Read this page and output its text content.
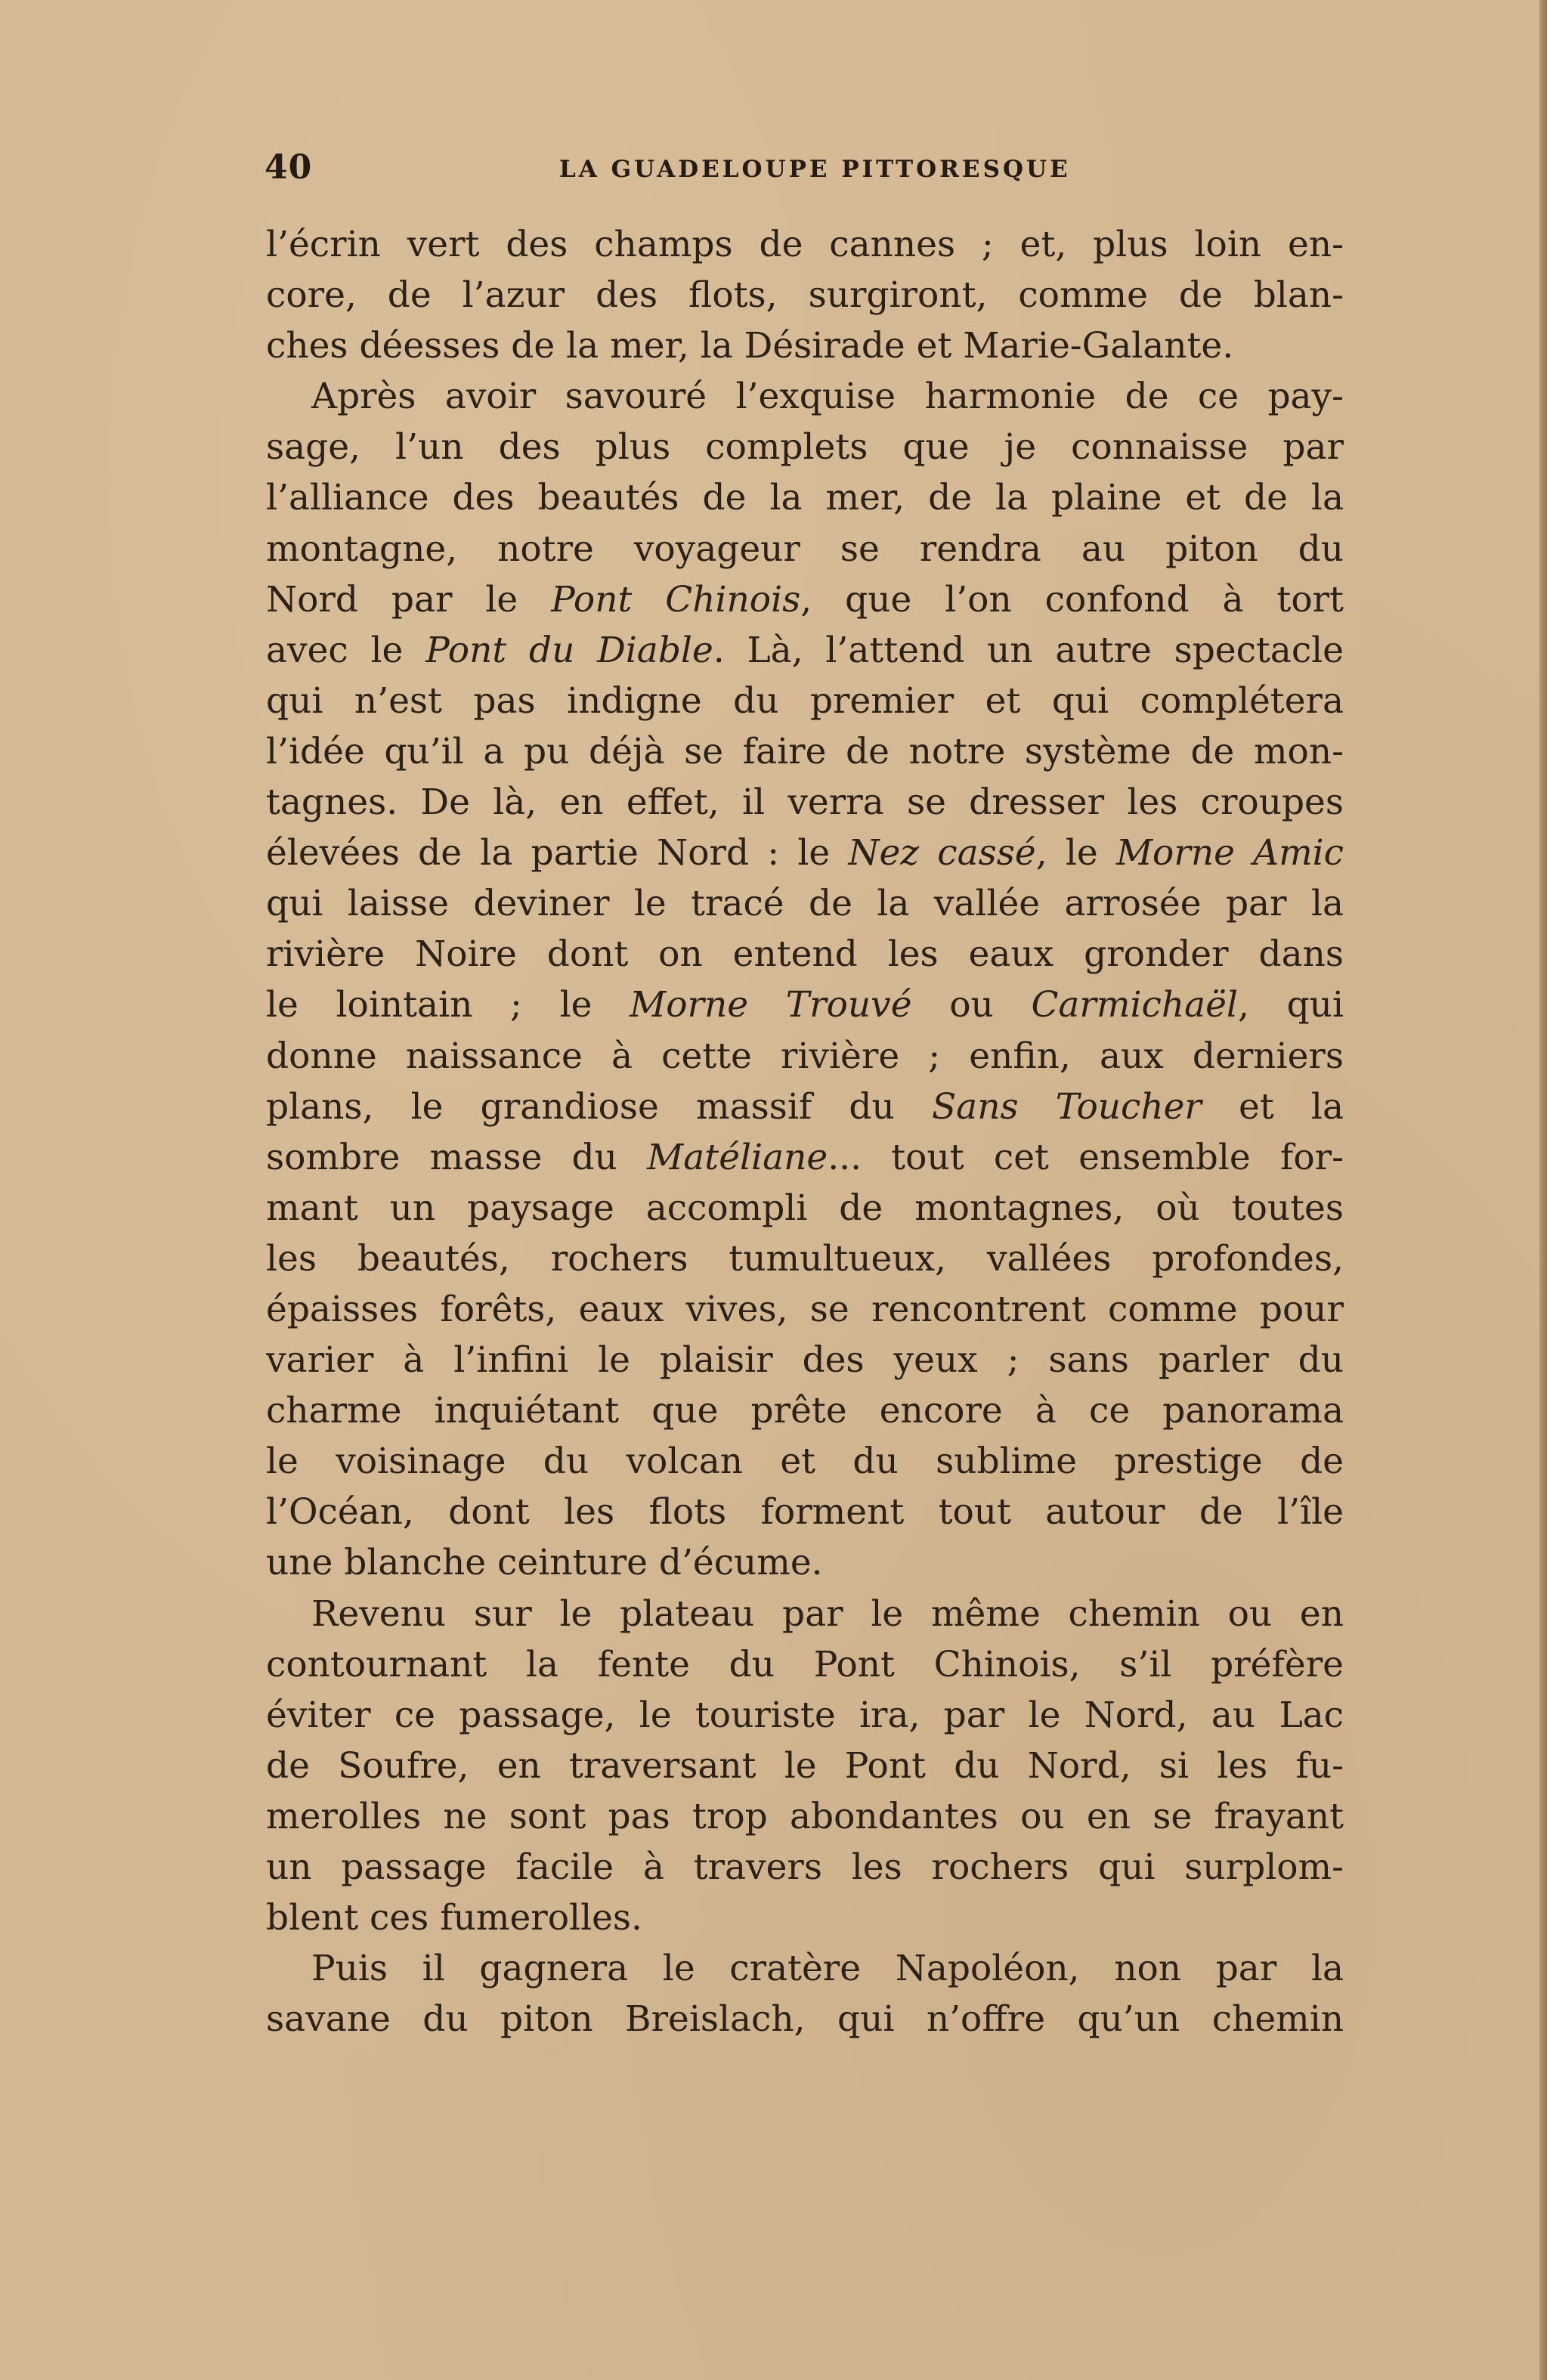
40	LA GUADELOUPE PITTORESQUE
l’écrin vert des champs de cannes ; et, plus loin en-
core, de l’azur des flots, surgiront, comme de blan-
ches déesses de la mer, la Désirade et Marie-Galante.
Après avoir savouré l’exquise harmonie de ce pay-
sage, l’un des plus complets que je connaisse par
l’alliance des beautés de la mer, de la plaine et de la
montagne, notre voyageur se rendra au piton du
Nord par le Pont Chinois, que l’on confond à tort
avec le Pont du Diable. Là, l’attend un autre spectacle
qui n’est pas indigne du premier et qui complétera
l’idée qu’il a pu déjà se faire de notre système de mon-
tagnes. De là, en effet, il verra se dresser les croupes
élevées de la partie Nord : le Nez cassé, le Morne Amic
qui laisse deviner le tracé de la vallée arrosée par la
rivière Noire dont on entend les eaux gronder dans
le lointain ; le Morne Trouvé ou Carmichaël, qui
donne naissance à cette rivière ; enfin, aux derniers
plans, le grandiose massif du Sans Toucher et la
sombre masse du Matéliane... tout cet ensemble for-
mant un paysage accompli de montagnes, où toutes
les beautés, rochers tumultueux, vallées profondes,
épaisses forêts, eaux vives, se rencontrent comme pour
varier à l’infini le plaisir des yeux ; sans parler du
charme inquiétant que prête encore à ce panorama
le voisinage du volcan et du sublime prestige de
l’Océan, dont les flots forment tout autour de l’île
une blanche ceinture d’écume.
Revenu sur le plateau par le même chemin ou en
contournant la fente du Pont Chinois, s’il préfère
éviter ce passage, le touriste ira, par le Nord, au Lac
de Soufre, en traversant le Pont du Nord, si les fu-
merolles ne sont pas trop abondantes ou en se frayant
un passage facile à travers les rochers qui surplom-
blent ces fumerolles.
Puis il gagnera le cratère Napoléon, non par la
savane du piton Breislach, qui n’offre qu’un chemin
